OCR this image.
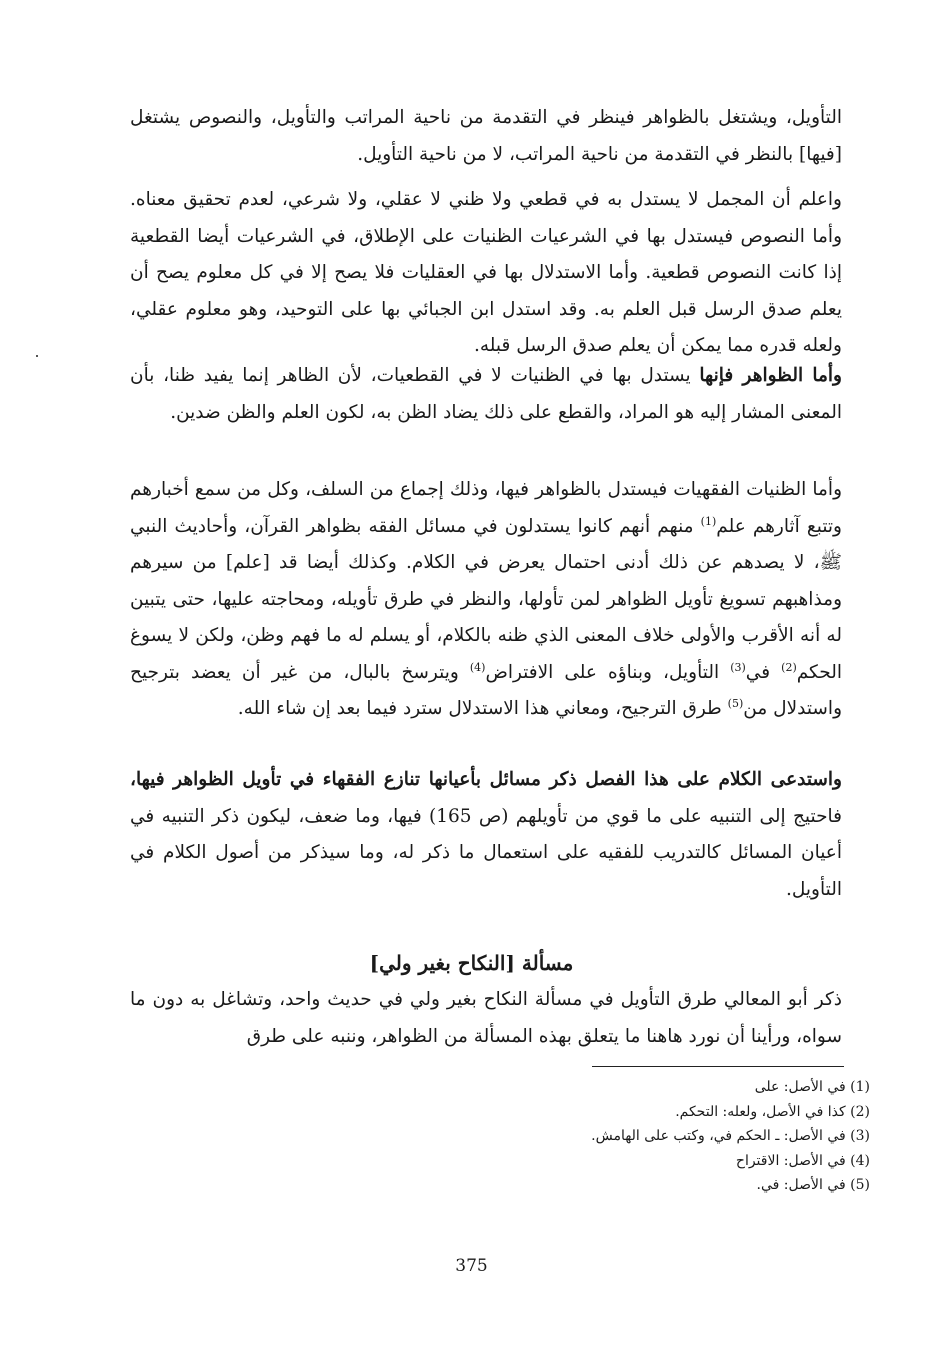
التأويل، ويشتغل بالظواهر فينظر في التقدمة من ناحية المراتب والتأويل، والنصوص يشتغل [فيها] بالنظر في التقدمة من ناحية المراتب، لا من ناحية التأويل.

واعلم أن المجمل لا يستدل به في قطعي ولا ظني لا عقلي، ولا شرعي، لعدم تحقيق معناه. وأما النصوص فيستدل بها في الشرعيات الظنيات على الإطلاق، في الشرعيات أيضا القطعية إذا كانت النصوص قطعية. وأما الاستدلال بها في العقليات فلا يصح إلا في كل معلوم يصح أن يعلم صدق الرسل قبل العلم به. وقد استدل ابن الجبائي بها على التوحيد، وهو معلوم عقلي، ولعله قدره مما يمكن أن يعلم صدق الرسل قبله.

وأما الظواهر فإنها يستدل بها في الظنيات لا في القطعيات، لأن الظاهر إنما يفيد ظنا، بأن المعنى المشار إليه هو المراد، والقطع على ذلك يضاد الظن به، لكون العلم والظن ضدين.

وأما الظنيات الفقهيات فيستدل بالظواهر فيها، وذلك إجماع من السلف، وكل من سمع أخبارهم وتتبع آثارهم علم$^{(1)}$ منهم أنهم كانوا يستدلون في مسائل الفقه بظواهر القرآن، وأحاديث النبي ﷺ، لا يصدهم عن ذلك أدنى احتمال يعرض في الكلام. وكذلك أيضا قد [علم] من سيرهم ومذاهبهم تسويغ تأويل الظواهر لمن تأولها، والنظر في طرق تأويله، ومحاجته عليها، حتى يتبين له أنه الأقرب والأولى خلاف المعنى الذي ظنه بالكلام، أو يسلم له ما فهم وظن، ولكن لا يسوغ الحكم$^{(2)}$ في$^{(3)}$ التأويل، وبناؤه على الافتراض$^{(4)}$ ويترسخ بالبال، من غير أن يعضد بترجيح واستدلال من$^{(5)}$ طرق الترجيح، ومعاني هذا الاستدلال سترد فيما بعد إن شاء الله.

واستدعى الكلام على هذا الفصل ذكر مسائل بأعيانها تنازع الفقهاء في تأويل الظواهر فيها، فاحتيج إلى التنبيه على ما قوي من تأويلهم (ص 165) فيها، وما ضعف، ليكون ذكر التنبيه في أعيان المسائل كالتدريب للفقيه على استعمال ما ذكر له، وما سيذكر من أصول الكلام في التأويل.

مسألة [النكاح بغير ولي]

ذكر أبو المعالي طرق التأويل في مسألة النكاح بغير ولي في حديث واحد، وتشاغل به دون ما سواه، ورأينا أن نورد هاهنا ما يتعلق بهذه المسألة من الظواهر، وننبه على طرق

(1) في الأصل: على
(2) كذا في الأصل، ولعله: التحكم.
(3) في الأصل: ـ الحكم في، وكتب على الهامش.
(4) في الأصل: الاقتراح
(5) في الأصل: في.
375
